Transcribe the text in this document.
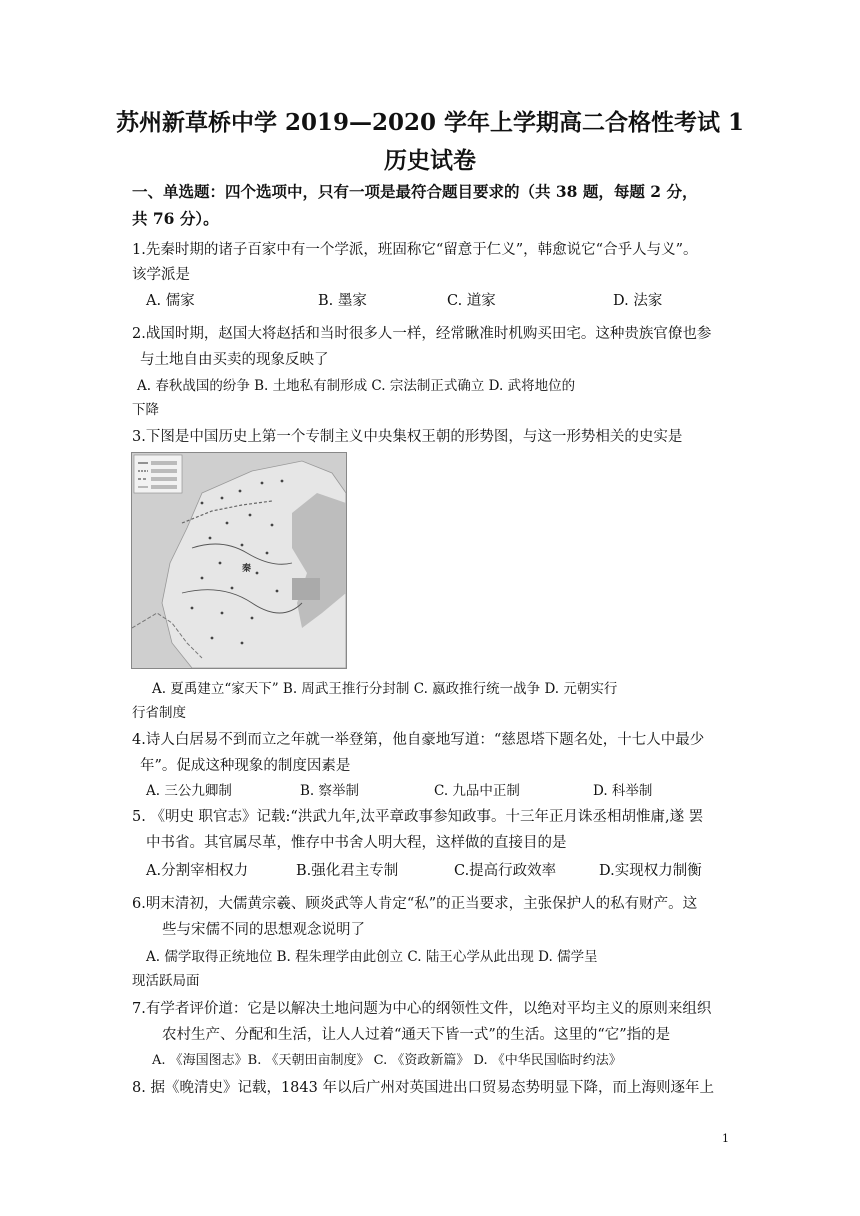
苏州新草桥中学 2019—2020 学年上学期高二合格性考试 1
历史试卷
一、单选题：四个选项中，只有一项是最符合题目要求的（共 38 题，每题 2 分，
共 76 分）。
1.先秦时期的诸子百家中有一个学派，班固称它“留意于仁义”，韩愈说它“合乎人与义”。
该学派是
A. 儒家	B. 墨家	C. 道家	D. 法家
2.战国时期，赵国大将赵括和当时很多人一样，经常瞅准时机购买田宅。这种贵族官僚也参
与土地自由买卖的现象反映了
A. 春秋战国的纷争 B. 土地私有制形成 C. 宗法制正式确立 D. 武将地位的
下降
3.下图是中国历史上第一个专制主义中央集权王朝的形势图，与这一形势相关的史实是
秦
A. 夏禹建立“家天下” B. 周武王推行分封制 C. 嬴政推行统一战争 D. 元朝实行
行省制度
4.诗人白居易不到而立之年就一举登第，他自豪地写道：“慈恩塔下题名处，十七人中最少
年”。促成这种现象的制度因素是
A. 三公九卿制	B. 察举制	C. 九品中正制	D. 科举制
5. 《明史 职官志》记载:“洪武九年,汰平章政事参知政事。十三年正月诛丞相胡惟庸,遂 罢
中书省。其官属尽革，惟存中书舍人明大程，这样做的直接目的是
A.分割宰相权力	B.强化君主专制	C.提高行政效率	D.实现权力制衡
6.明末清初，大儒黄宗羲、顾炎武等人肯定“私”的正当要求，主张保护人的私有财产。这
些与宋儒不同的思想观念说明了
A. 儒学取得正统地位 B. 程朱理学由此创立 C. 陆王心学从此出现 D. 儒学呈
现活跃局面
7.有学者评价道：它是以解决土地问题为中心的纲领性文件，以绝对平均主义的原则来组织
农村生产、分配和生活，让人人过着“通天下皆一式”的生活。这里的“它”指的是
A. 《海国图志》B. 《天朝田亩制度》 C. 《资政新篇》 D. 《中华民国临时约法》
8. 据《晚清史》记载，1843 年以后广州对英国进出口贸易态势明显下降，而上海则逐年上
1
